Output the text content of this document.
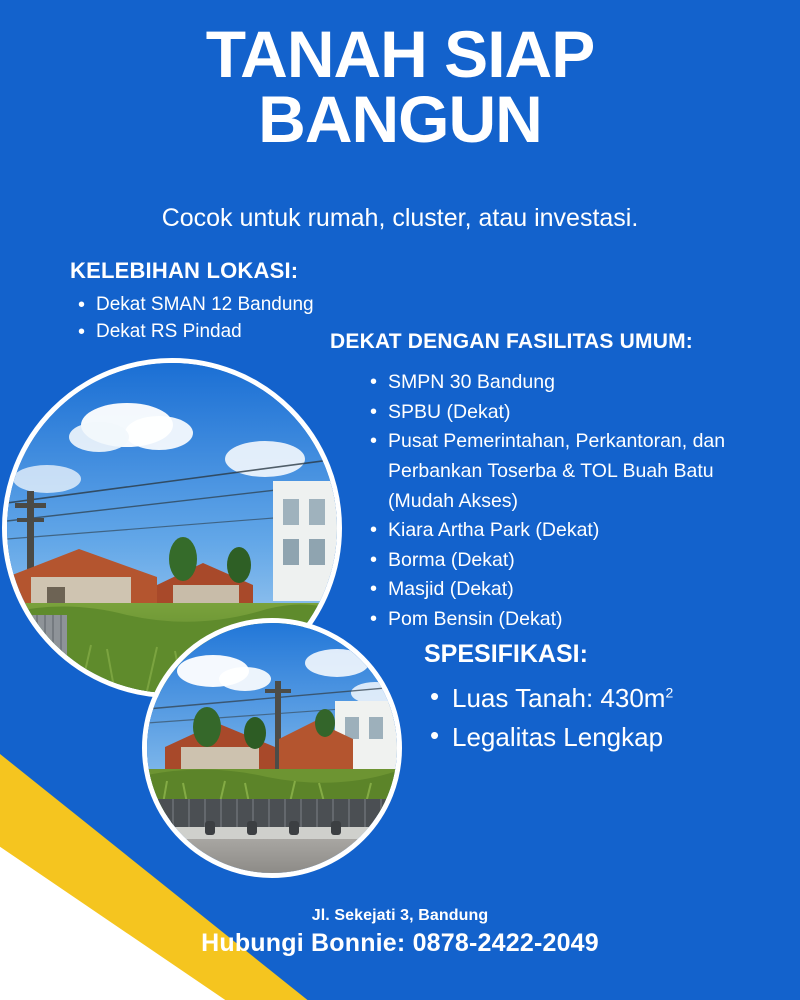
TANAH SIAP
BANGUN
Cocok untuk rumah, cluster, atau investasi.
KELEBIHAN LOKASI:
• Dekat SMAN 12 Bandung
• Dekat RS Pindad	DEKAT DENGAN FASILITAS UMUM:
• SMPN 30 Bandung
• SPBU (Dekat)
• Pusat Pemerintahan, Perkantoran, dan Perbankan Toserba & TOL Buah Batu (Mudah Akses)
• Kiara Artha Park (Dekat)
• Borma (Dekat)
• Masjid (Dekat)
• Pom Bensin (Dekat)
SPESIFIKASI:
• Luas Tanah: $430m^2$
• Legalitas Lengkap
Jl. Sekejati 3, Bandung
Hubungi Bonnie: 0878-2422-2049
